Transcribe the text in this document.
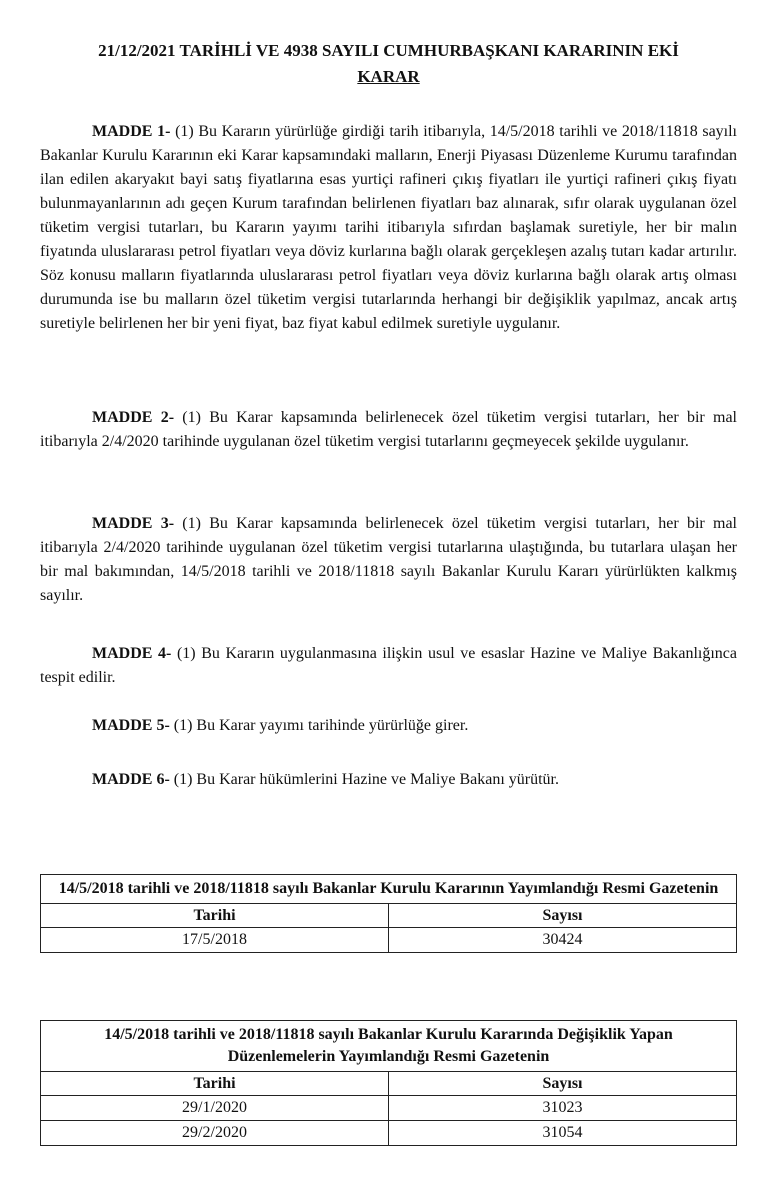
21/12/2021 TARİHLİ VE 4938 SAYILI CUMHURBAŞKANI KARARININ EKİ
KARAR

MADDE 1- (1) Bu Kararın yürürlüğe girdiği tarih itibarıyla, 14/5/2018 tarihli ve 2018/11818 sayılı Bakanlar Kurulu Kararının eki Karar kapsamındaki malların, Enerji Piyasası Düzenleme Kurumu tarafından ilan edilen akaryakıt bayi satış fiyatlarına esas yurtiçi rafineri çıkış fiyatları ile yurtiçi rafineri çıkış fiyatı bulunmayanlarının adı geçen Kurum tarafından belirlenen fiyatları baz alınarak, sıfır olarak uygulanan özel tüketim vergisi tutarları, bu Kararın yayımı tarihi itibarıyla sıfırdan başlamak suretiyle, her bir malın fiyatında uluslararası petrol fiyatları veya döviz kurlarına bağlı olarak gerçekleşen azalış tutarı kadar artırılır. Söz konusu malların fiyatlarında uluslararası petrol fiyatları veya döviz kurlarına bağlı olarak artış olması durumunda ise bu malların özel tüketim vergisi tutarlarında herhangi bir değişiklik yapılmaz, ancak artış suretiyle belirlenen her bir yeni fiyat, baz fiyat kabul edilmek suretiyle uygulanır.

MADDE 2- (1) Bu Karar kapsamında belirlenecek özel tüketim vergisi tutarları, her bir mal itibarıyla 2/4/2020 tarihinde uygulanan özel tüketim vergisi tutarlarını geçmeyecek şekilde uygulanır.

MADDE 3- (1) Bu Karar kapsamında belirlenecek özel tüketim vergisi tutarları, her bir mal itibarıyla 2/4/2020 tarihinde uygulanan özel tüketim vergisi tutarlarına ulaştığında, bu tutarlara ulaşan her bir mal bakımından, 14/5/2018 tarihli ve 2018/11818 sayılı Bakanlar Kurulu Kararı yürürlükten kalkmış sayılır.

MADDE 4- (1) Bu Kararın uygulanmasına ilişkin usul ve esaslar Hazine ve Maliye Bakanlığınca tespit edilir.

MADDE 5- (1) Bu Karar yayımı tarihinde yürürlüğe girer.

MADDE 6- (1) Bu Karar hükümlerini Hazine ve Maliye Bakanı yürütür.

14/5/2018 tarihli ve 2018/11818 sayılı Bakanlar Kurulu Kararının Yayımlandığı Resmi Gazetenin	
Tarihi	Sayısı
17/5/2018	30424
14/5/2018 tarihli ve 2018/11818 sayılı Bakanlar Kurulu Kararında Değişiklik Yapan Düzenlemelerin Yayımlandığı Resmi Gazetenin	
Tarihi	Sayısı
29/1/2020	31023
29/2/2020	31054
